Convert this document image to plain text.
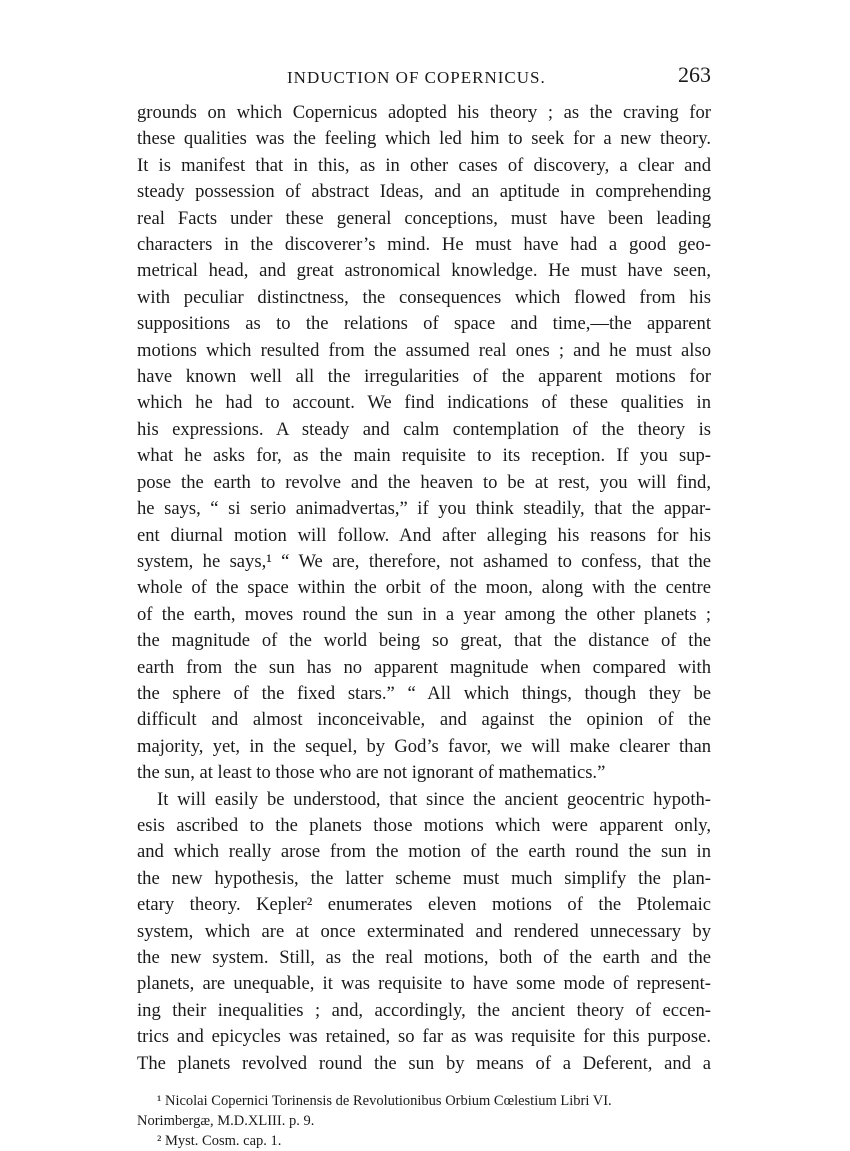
INDUCTION OF COPERNICUS.	263
grounds on which Copernicus adopted his theory ; as the craving for
these qualities was the feeling which led him to seek for a new theory.
It is manifest that in this, as in other cases of discovery, a clear and
steady possession of abstract Ideas, and an aptitude in comprehending
real Facts under these general conceptions, must have been leading
characters in the discoverer’s mind. He must have had a good geo-
metrical head, and great astronomical knowledge. He must have seen,
with peculiar distinctness, the consequences which flowed from his
suppositions as to the relations of space and time,—the apparent
motions which resulted from the assumed real ones ; and he must also
have known well all the irregularities of the apparent motions for
which he had to account. We find indications of these qualities in
his expressions. A steady and calm contemplation of the theory is
what he asks for, as the main requisite to its reception. If you sup-
pose the earth to revolve and the heaven to be at rest, you will find,
he says, “ si serio animadvertas,” if you think steadily, that the appar-
ent diurnal motion will follow. And after alleging his reasons for his
system, he says,¹ “ We are, therefore, not ashamed to confess, that the
whole of the space within the orbit of the moon, along with the centre
of the earth, moves round the sun in a year among the other planets ;
the magnitude of the world being so great, that the distance of the
earth from the sun has no apparent magnitude when compared with
the sphere of the fixed stars.” “ All which things, though they be
difficult and almost inconceivable, and against the opinion of the
majority, yet, in the sequel, by God’s favor, we will make clearer than
the sun, at least to those who are not ignorant of mathematics.”
It will easily be understood, that since the ancient geocentric hypoth-
esis ascribed to the planets those motions which were apparent only,
and which really arose from the motion of the earth round the sun in
the new hypothesis, the latter scheme must much simplify the plan-
etary theory. Kepler² enumerates eleven motions of the Ptolemaic
system, which are at once exterminated and rendered unnecessary by
the new system. Still, as the real motions, both of the earth and the
planets, are unequable, it was requisite to have some mode of represent-
ing their inequalities ; and, accordingly, the ancient theory of eccen-
trics and epicycles was retained, so far as was requisite for this purpose.
The planets revolved round the sun by means of a Deferent, and a
¹ Nicolai Copernici Torinensis de Revolutionibus Orbium Cœlestium Libri VI.
Norimbergæ, M.D.XLIII. p. 9.
² Myst. Cosm. cap. 1.
